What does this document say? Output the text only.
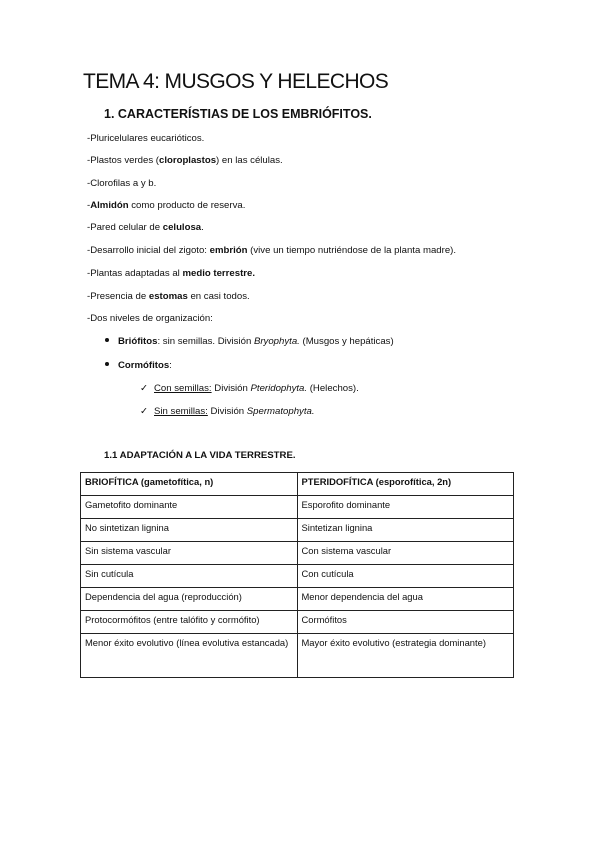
TEMA 4: MUSGOS Y HELECHOS
1. CARACTERÍSTIAS DE LOS EMBRIÓFITOS.
-Pluricelulares eucarióticos.
-Plastos verdes (cloroplastos) en las células.
-Clorofilas a y b.
-Almidón como producto de reserva.
-Pared celular de celulosa.
-Desarrollo inicial del zigoto: embrión (vive un tiempo nutriéndose de la planta madre).
-Plantas adaptadas al medio terrestre.
-Presencia de estomas en casi todos.
-Dos niveles de organización:
Briófitos: sin semillas. División Bryophyta. (Musgos y hepáticas)
Cormófitos:
✓ Con semillas: División Pteridophyta. (Helechos).
✓ Sin semillas: División Spermatophyta.
1.1 ADAPTACIÓN A LA VIDA TERRESTRE.
BRIOFÍTICA (gametofítica, n)	PTERIDOFÍTICA (esporofítica, 2n)
Gametofito dominante	Esporofito dominante
No sintetizan lignina	Sintetizan lignina
Sin sistema vascular	Con sistema vascular
Sin cutícula	Con cutícula
Dependencia del agua (reproducción)	Menor dependencia del agua
Protocormófitos (entre talófito y cormófito)	Cormófitos
Menor éxito evolutivo (línea evolutiva estancada)	Mayor éxito evolutivo (estrategia dominante)
